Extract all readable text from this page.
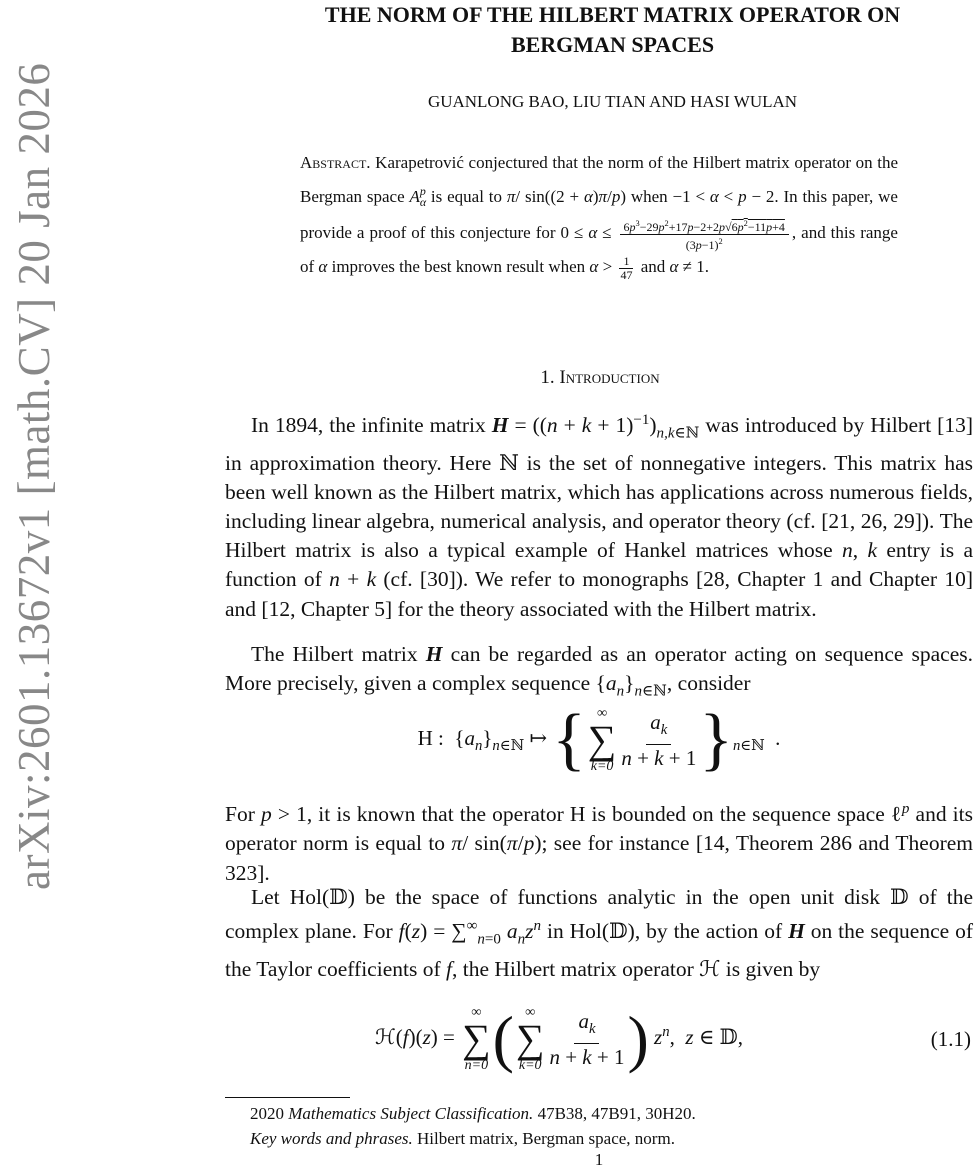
arXiv:2601.13672v1 [math.CV] 20 Jan 2026
THE NORM OF THE HILBERT MATRIX OPERATOR ON
BERGMAN SPACES
GUANLONG BAO, LIU TIAN AND HASI WULAN
Abstract. Karapetrović conjectured that the norm of the Hilbert matrix operator on the Bergman space $A^p_\alpha$ is equal to π/ sin((2 + α)π/p) when −1 < α < p − 2. In this paper, we provide a proof of this conjecture for $0 \le \alpha \le \frac{6p^3-29p^2+17p-2+2p√6p^2-11p+4}{(3p-1)^2}$ , and this range of α improves the best known result when $\alpha > \frac{1}{47}$ and α ≠ 1.
1. Introduction
In 1894, the infinite matrix $H = ((n + k + 1)^{-1})_{n,k\in ℕ}$ was introduced by Hilbert [13] in approximation theory. Here ℕ is the set of nonnegative integers. This matrix has been well known as the Hilbert matrix, which has applications across numerous fields, including linear algebra, numerical analysis, and operator theory (cf. [21, 26, 29]). The Hilbert matrix is also a typical example of Hankel matrices whose n, k entry is a function of n + k (cf. [30]). We refer to monographs [28, Chapter 1 and Chapter 10] and [12, Chapter 5] for the theory associated with the Hilbert matrix.
The Hilbert matrix H can be regarded as an operator acting on sequence spaces. More precisely, given a complex sequence $\{a_n\}_{n\in ℕ}$, consider
H :  $\{a_n\}_{n\in ℕ}$ ↦ { ∞
∑
$k=0 \frac{a_k}{n + k + 1} \}_{n\in ℕ}$  .
For p > 1, it is known that the operator H is bounded on the sequence space ℓ$^p$ and its operator norm is equal to π/ sin(π/p); see for instance [14, Theorem 286 and Theorem 323].
Let Hol(𝔻) be the space of functions analytic in the open unit disk 𝔻 of the complex plane. For $f(z) = \sum^\infty_{n=0}$ $a_nz^n$ in Hol(𝔻), by the action of H on the sequence of the Taylor coefficients of f, the Hilbert matrix operator ℋ is given by
ℋ(f)(z) =
∞
∑
n=0 ( ∞
∑
$k=0 \frac{a_k}{n + k + 1}$ ) $z^n$,  z ∈ 𝔻,	(1.1)
2020 Mathematics Subject Classification. 47B38, 47B91, 30H20.
Key words and phrases. Hilbert matrix, Bergman space, norm.
1
